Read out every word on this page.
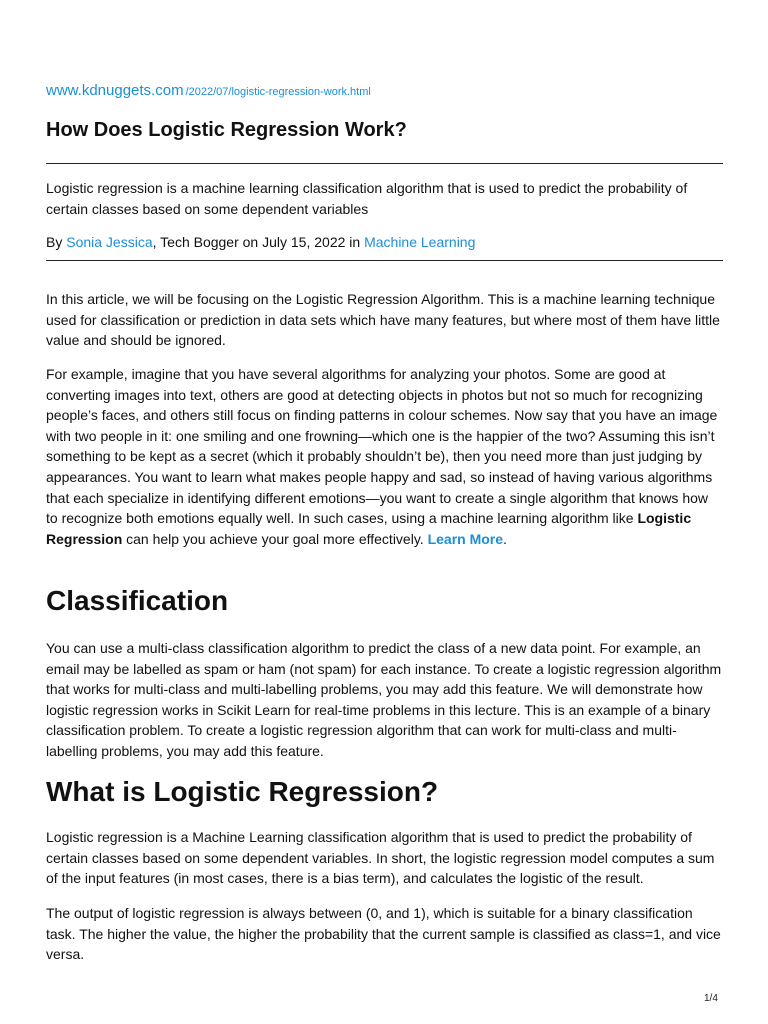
www.kdnuggets.com /2022/07/logistic-regression-work.html
How Does Logistic Regression Work?

Logistic regression is a machine learning classification algorithm that is used to predict the probability of certain classes based on some dependent variables

By Sonia Jessica, Tech Bogger on July 15, 2022 in Machine Learning

In this article, we will be focusing on the Logistic Regression Algorithm. This is a machine learning technique used for classification or prediction in data sets which have many features, but where most of them have little value and should be ignored.

For example, imagine that you have several algorithms for analyzing your photos. Some are good at converting images into text, others are good at detecting objects in photos but not so much for recognizing people’s faces, and others still focus on finding patterns in colour schemes. Now say that you have an image with two people in it: one smiling and one frowning—which one is the happier of the two? Assuming this isn’t something to be kept as a secret (which it probably shouldn’t be), then you need more than just judging by appearances. You want to learn what makes people happy and sad, so instead of having various algorithms that each specialize in identifying different emotions—you want to create a single algorithm that knows how to recognize both emotions equally well. In such cases, using a machine learning algorithm like Logistic Regression can help you achieve your goal more effectively. Learn More.

Classification

You can use a multi-class classification algorithm to predict the class of a new data point. For example, an email may be labelled as spam or ham (not spam) for each instance. To create a logistic regression algorithm that works for multi-class and multi-labelling problems, you may add this feature. We will demonstrate how logistic regression works in Scikit Learn for real-time problems in this lecture. This is an example of a binary classification problem. To create a logistic regression algorithm that can work for multi-class and multi-labelling problems, you may add this feature.

What is Logistic Regression?

Logistic regression is a Machine Learning classification algorithm that is used to predict the probability of certain classes based on some dependent variables. In short, the logistic regression model computes a sum of the input features (in most cases, there is a bias term), and calculates the logistic of the result.

The output of logistic regression is always between (0, and 1), which is suitable for a binary classification task. The higher the value, the higher the probability that the current sample is classified as class=1, and vice versa.

1/4
